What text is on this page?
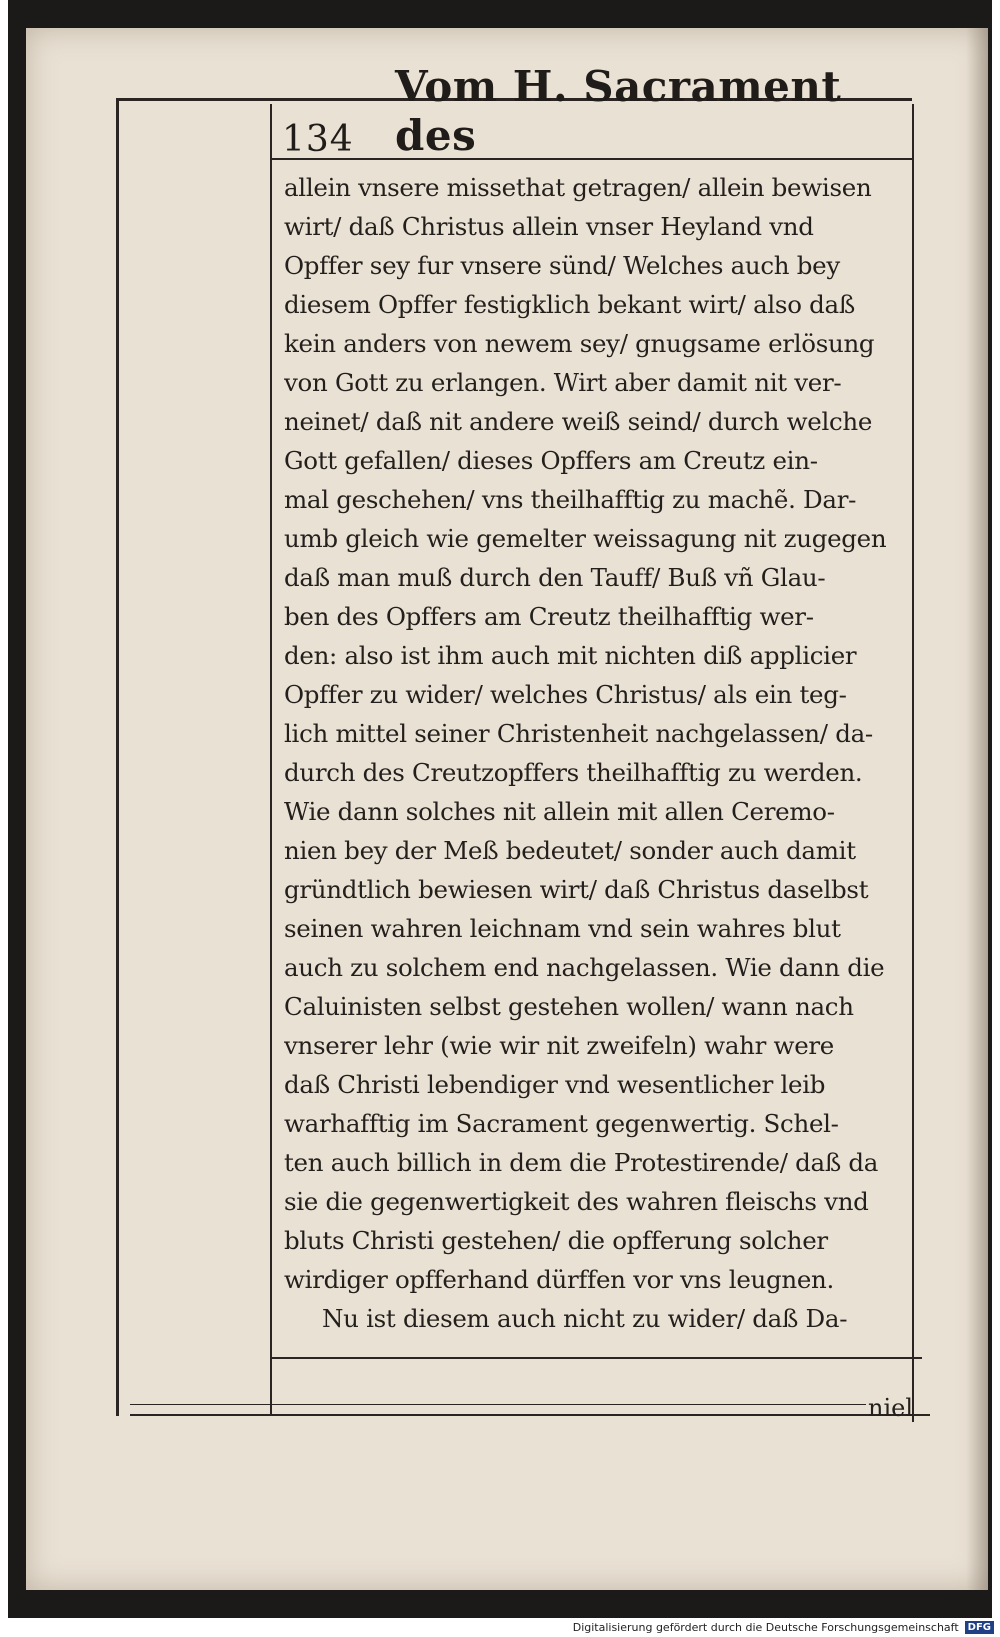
134
Vom H. Sacrament des
allein vnsere missethat getragen/ allein bewisen
wirt/ daß Christus allein vnser Heyland vnd
Opffer sey fur vnsere sünd/ Welches auch bey
diesem Opffer festigklich bekant wirt/ also daß
kein anders von newem sey/ gnugsame erlösung
von Gott zu erlangen. Wirt aber damit nit ver-
neinet/ daß nit andere weiß seind/ durch welche
Gott gefallen/ dieses Opffers am Creutz ein-
mal geschehen/ vns theilhafftig zu machẽ. Dar-
umb gleich wie gemelter weissagung nit zugegen
daß man muß durch den Tauff/ Buß vñ Glau-
ben des Opffers am Creutz theilhafftig wer-
den: also ist ihm auch mit nichten diß applicier
Opffer zu wider/ welches Christus/ als ein teg-
lich mittel seiner Christenheit nachgelassen/ da-
durch des Creutzopffers theilhafftig zu werden.
Wie dann solches nit allein mit allen Ceremo-
nien bey der Meß bedeutet/ sonder auch damit
gründtlich bewiesen wirt/ daß Christus daselbst
seinen wahren leichnam vnd sein wahres blut
auch zu solchem end nachgelassen. Wie dann die
Caluinisten selbst gestehen wollen/ wann nach
vnserer lehr (wie wir nit zweifeln) wahr were
daß Christi lebendiger vnd wesentlicher leib
warhafftig im Sacrament gegenwertig. Schel-
ten auch billich in dem die Protestirende/ daß da
sie die gegenwertigkeit des wahren fleischs vnd
bluts Christi gestehen/ die opfferung solcher
wirdiger opfferhand dürffen vor vns leugnen.
Nu ist diesem auch nicht zu wider/ daß Da-
niel
Digitalisierung gefördert durch die Deutsche Forschungsgemeinschaft DFG
